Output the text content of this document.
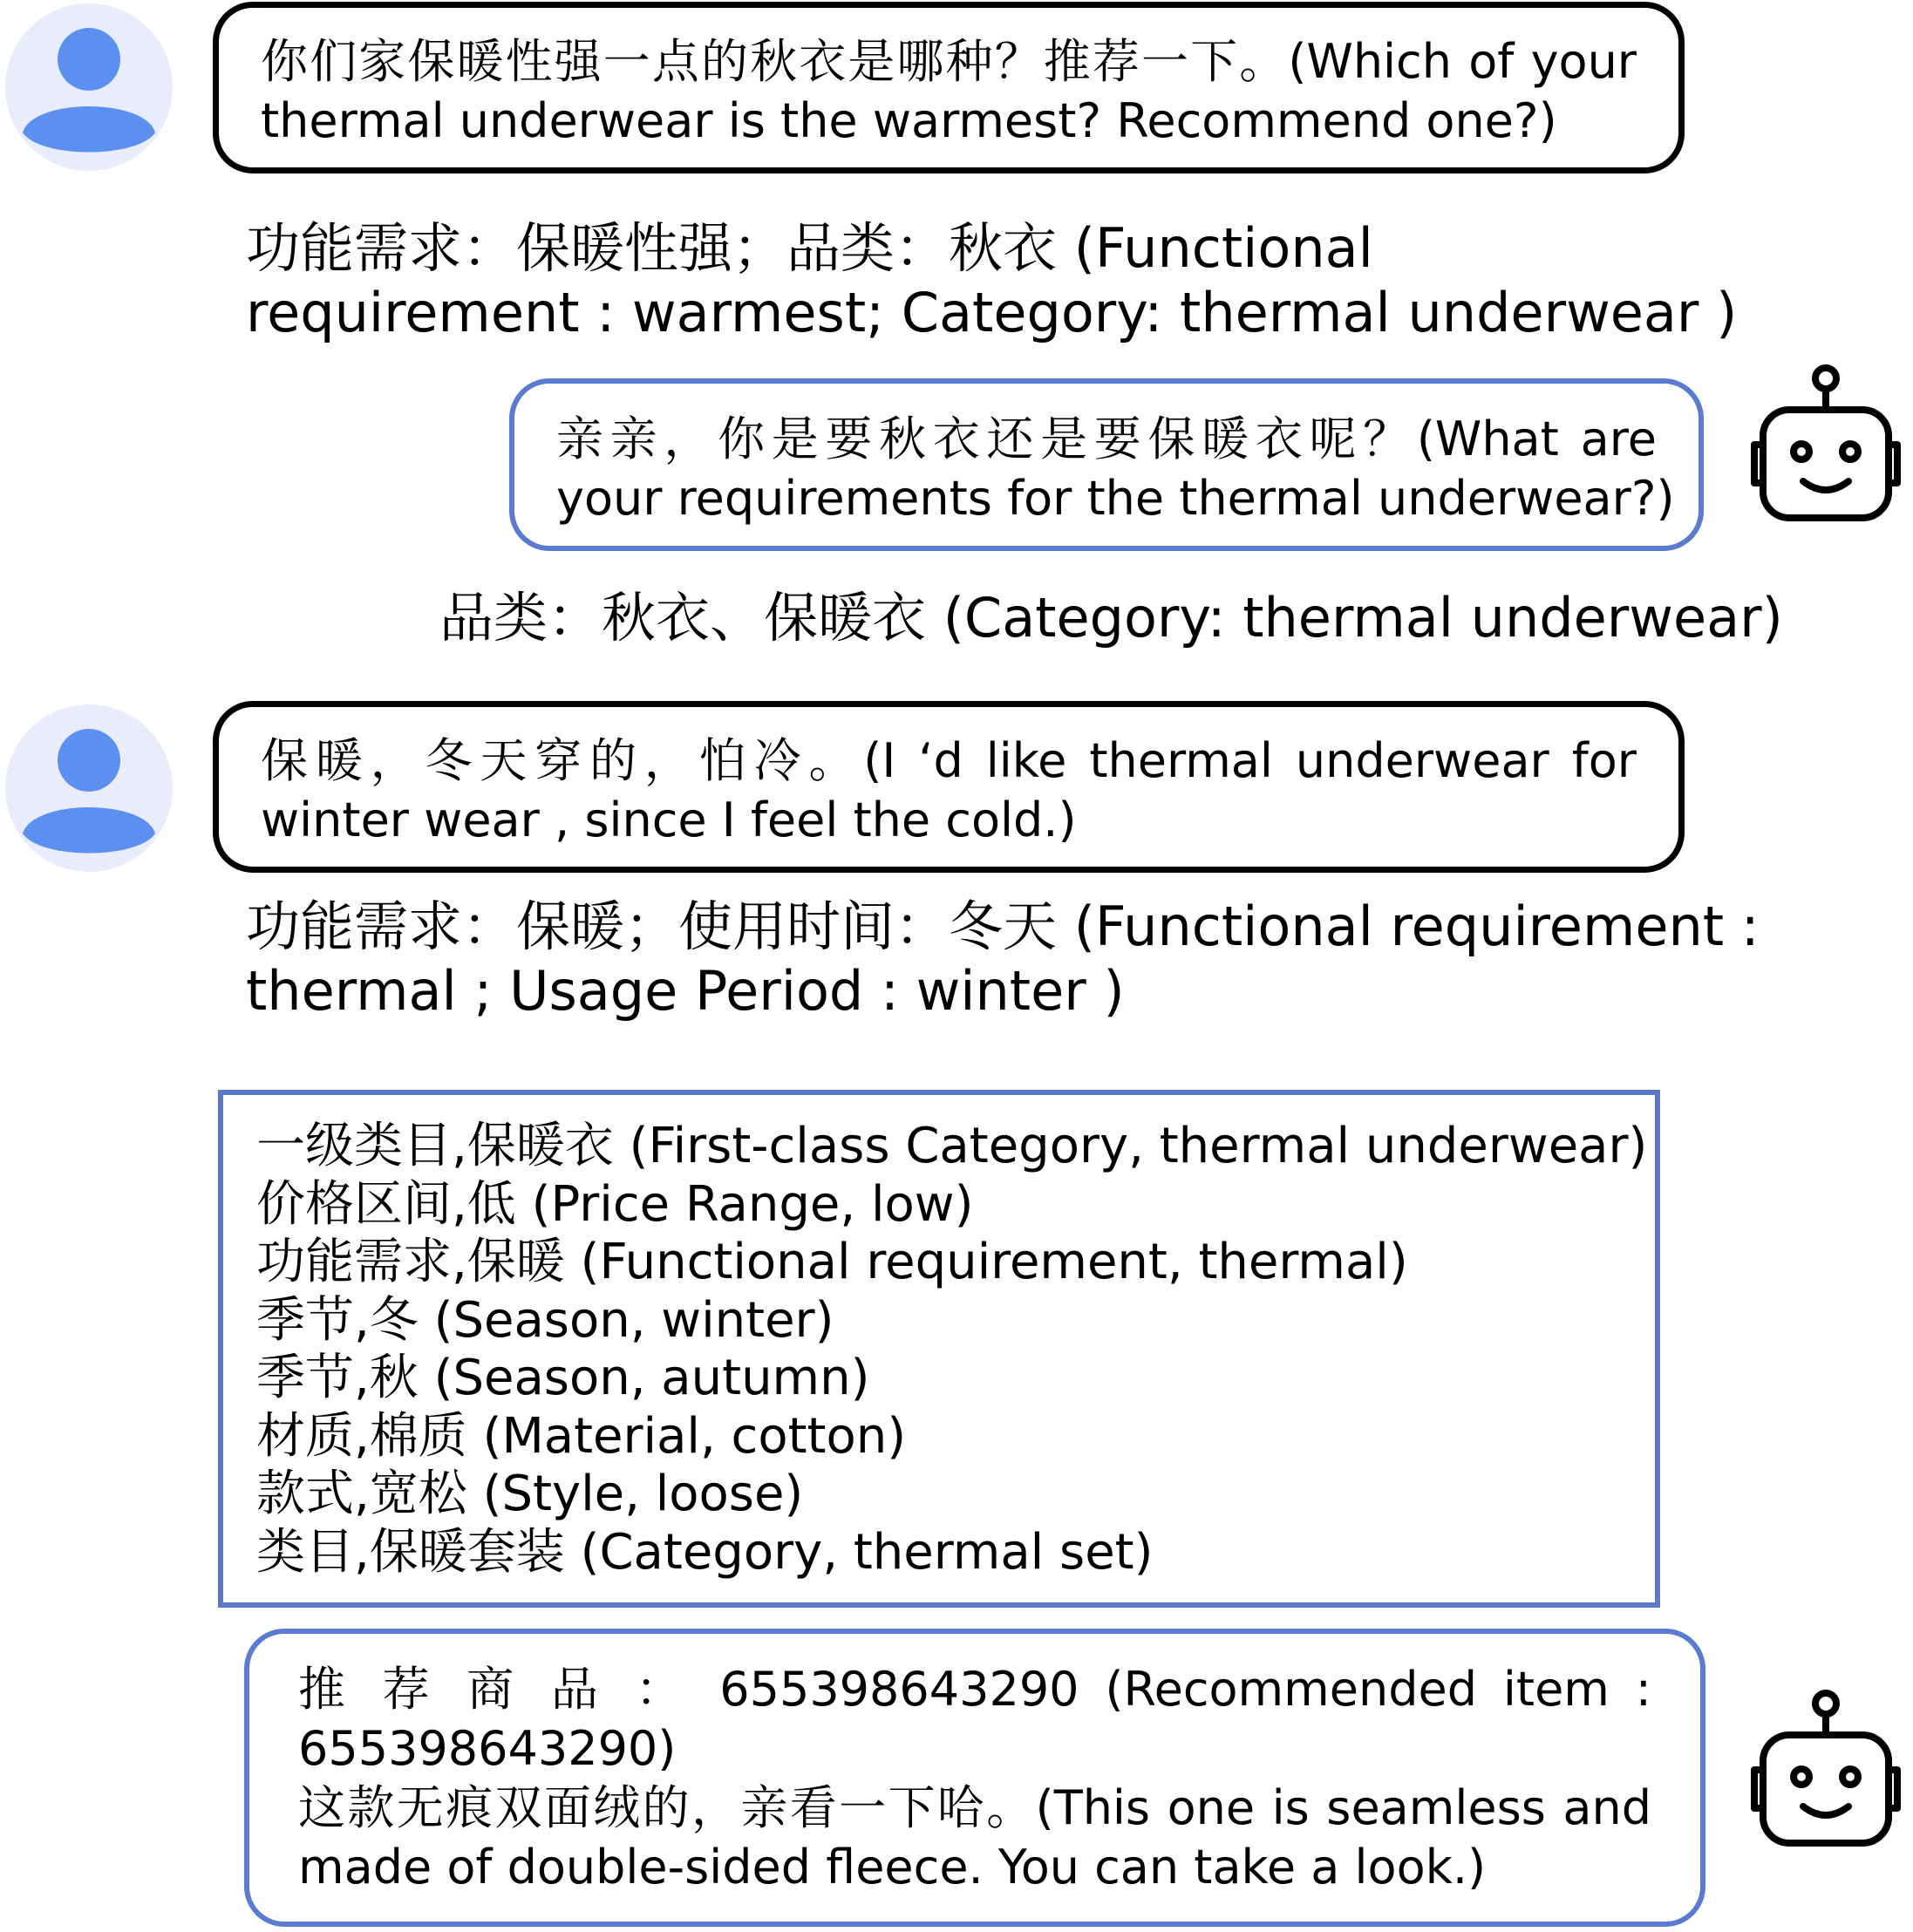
你们家保暖性强一点的秋衣是哪种？推荐一下。(Which of your
thermal underwear is the warmest? Recommend one?)
功能需求：保暖性强；品类：秋衣 (Functional
requirement : warmest; Category: thermal underwear )
亲亲，你是要秋衣还是要保暖衣呢？(What are
your requirements for the thermal underwear?)
品类：秋衣、保暖衣 (Category: thermal underwear)
保暖，冬天穿的，怕冷。(I ‘d like thermal underwear for
winter wear , since I feel the cold.)
功能需求：保暖；使用时间：冬天 (Functional requirement :
thermal ; Usage Period : winter )
一级类目,保暖衣 (First-class Category, thermal underwear)
价格区间,低 (Price Range, low)
功能需求,保暖 (Functional requirement, thermal)
季节,冬 (Season, winter)
季节,秋 (Season, autumn)
材质,棉质 (Material, cotton)
款式,宽松 (Style, loose)
类目,保暖套装 (Category, thermal set)
推 荐 商 品 ： 655398643290 (Recommended item :
655398643290)
这款无痕双面绒的，亲看一下哈。(This one is seamless and
made of double-sided fleece. You can take a look.)
